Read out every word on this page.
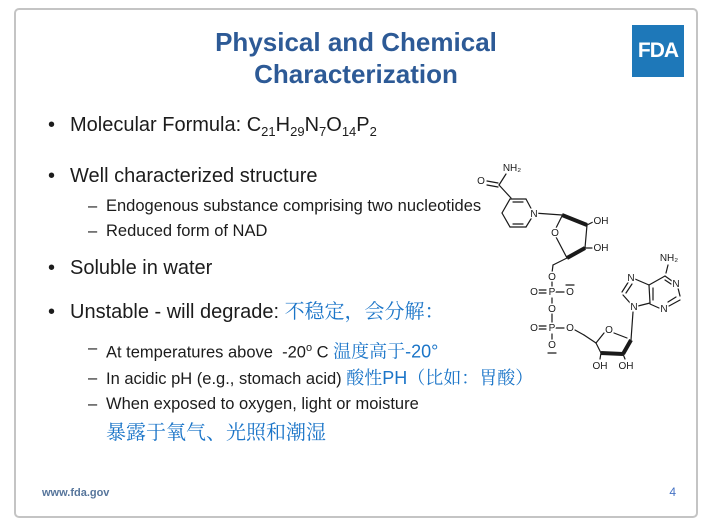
Physical and Chemical
Characterization
FDA
• Molecular Formula: $C_{21}H_{29}N_7O_{14}P_2$
• Well characterized structure
– Endogenous substance comprising two nucleotides
– Reduced form of NAD
• Soluble in water
• Unstable - will degrade: 不稳定，会分解：
– At temperatures above  -20$^o$ C 温度高于-20°
– In acidic pH (e.g., stomach acid) 酸性PH（比如：胃酸）
– When exposed to oxygen, light or moisture
暴露于氧气、光照和潮湿
NH₂
O
N
O
OH
OH
O
O P O
O
O P O
O
O
OH OH
NH₂
N
N
N
N
www.fda.gov	4
